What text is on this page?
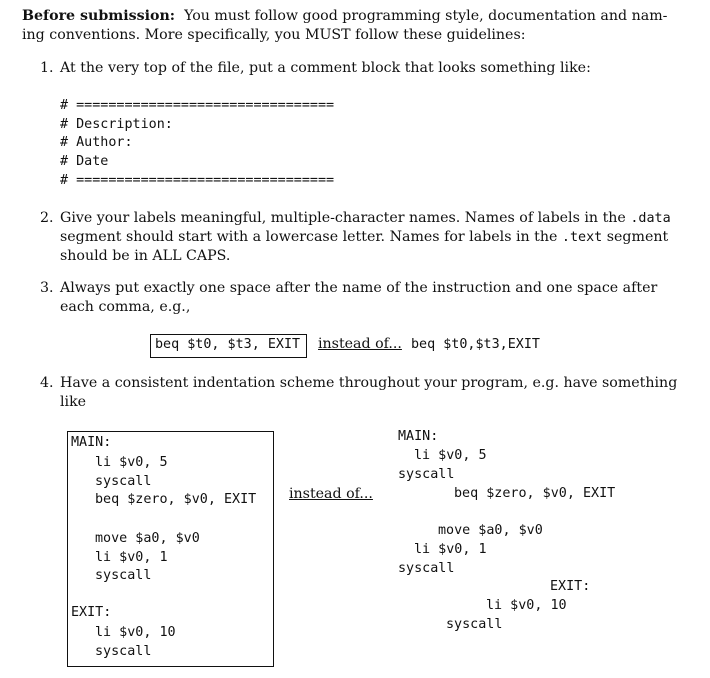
Before submission: You must follow good programming style, documentation and nam-
ing conventions. More specifically, you MUST follow these guidelines:
1. At the very top of the file, put a comment block that looks something like:
# ================================
# Description:
# Author:
# Date
# ================================
2. Give your labels meaningful, multiple-character names. Names of labels in the .data
segment should start with a lowercase letter. Names for labels in the .text segment
should be in ALL CAPS.
3. Always put exactly one space after the name of the instruction and one space after
each comma, e.g.,
beq $t0, $t3, EXIT instead of... beq $t0,$t3,EXIT
4. Have a consistent indentation scheme throughout your program, e.g. have something
like
MAIN:
li $v0, 5
syscall
beq $zero, $v0, EXIT
move $a0, $v0
li $v0, 1
syscall
EXIT:
li $v0, 10
syscall
instead of...
MAIN:
li $v0, 5
syscall
beq $zero, $v0, EXIT
move $a0, $v0
li $v0, 1
syscall
EXIT:
li $v0, 10
syscall
